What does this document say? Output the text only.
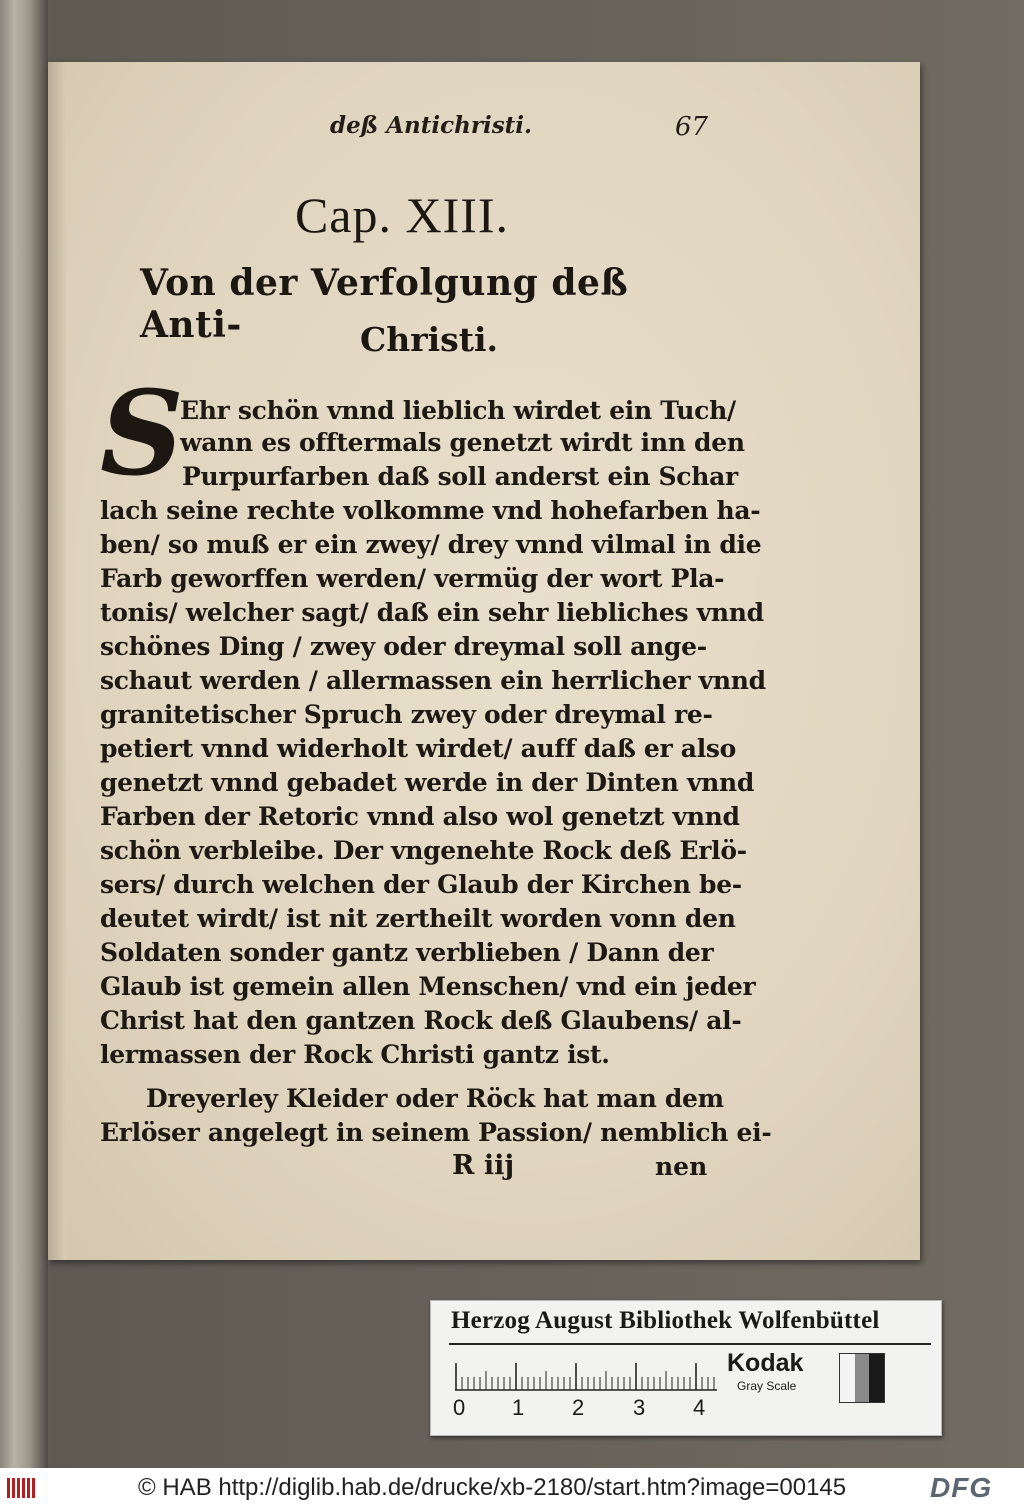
deß Antichristi.	67
Cap. XIII.
Von der Verfolgung deß Anti-	Christi.
S
Ehr schön vnnd lieblich wirdet ein Tuch/
wann es offtermals genetzt wirdt inn den
Purpurfarben daß soll anderst ein Schar
lach seine rechte volkomme vnd hohefarben ha-
ben/ so muß er ein zwey/ drey vnnd vilmal in die
Farb geworffen werden/ vermüg der wort Pla-
tonis/ welcher sagt/ daß ein sehr liebliches vnnd
schönes Ding / zwey oder dreymal soll ange-
schaut werden / allermassen ein herrlicher vnnd
granitetischer Spruch zwey oder dreymal re-
petiert vnnd widerholt wirdet/ auff daß er also
genetzt vnnd gebadet werde in der Dinten vnnd
Farben der Retoric vnnd also wol genetzt vnnd
schön verbleibe. Der vngenehte Rock deß Erlö-
sers/ durch welchen der Glaub der Kirchen be-
deutet wirdt/ ist nit zertheilt worden vonn den
Soldaten sonder gantz verblieben / Dann der
Glaub ist gemein allen Menschen/ vnd ein jeder
Christ hat den gantzen Rock deß Glaubens/ al-
lermassen der Rock Christi gantz ist.
Dreyerley Kleider oder Röck hat man dem
Erlöser angelegt in seinem Passion/ nemblich ei-
R iij	nen
Herzog August Bibliothek Wolfenbüttel
0 1 2 3 4
Kodak
Gray Scale
© HAB http://diglib.hab.de/drucke/xb-2180/start.htm?image=00145	DFG
